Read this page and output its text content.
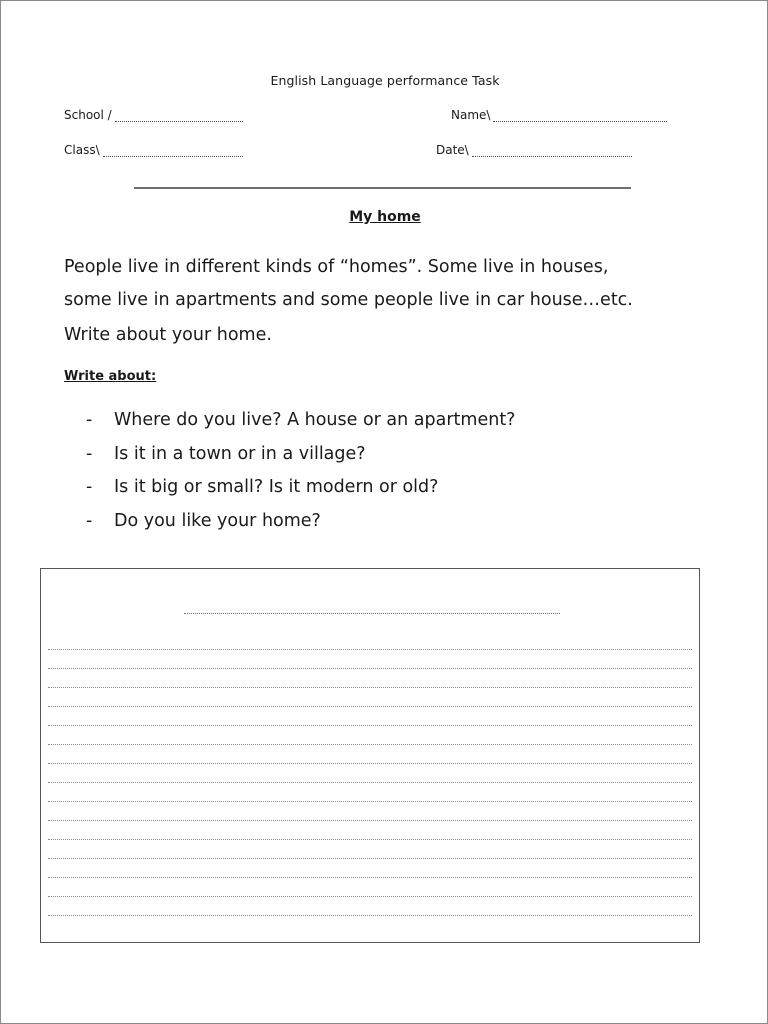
English Language performance Task
School /	Name\
Class\	Date\
My home
People live in different kinds of “homes”. Some live in houses,
some live in apartments and some people live in car house…etc.
Write about your home.
Write about:
- Where do you live? A house or an apartment?
- Is it in a town or in a village?
- Is it big or small? Is it modern or old?
- Do you like your home?
